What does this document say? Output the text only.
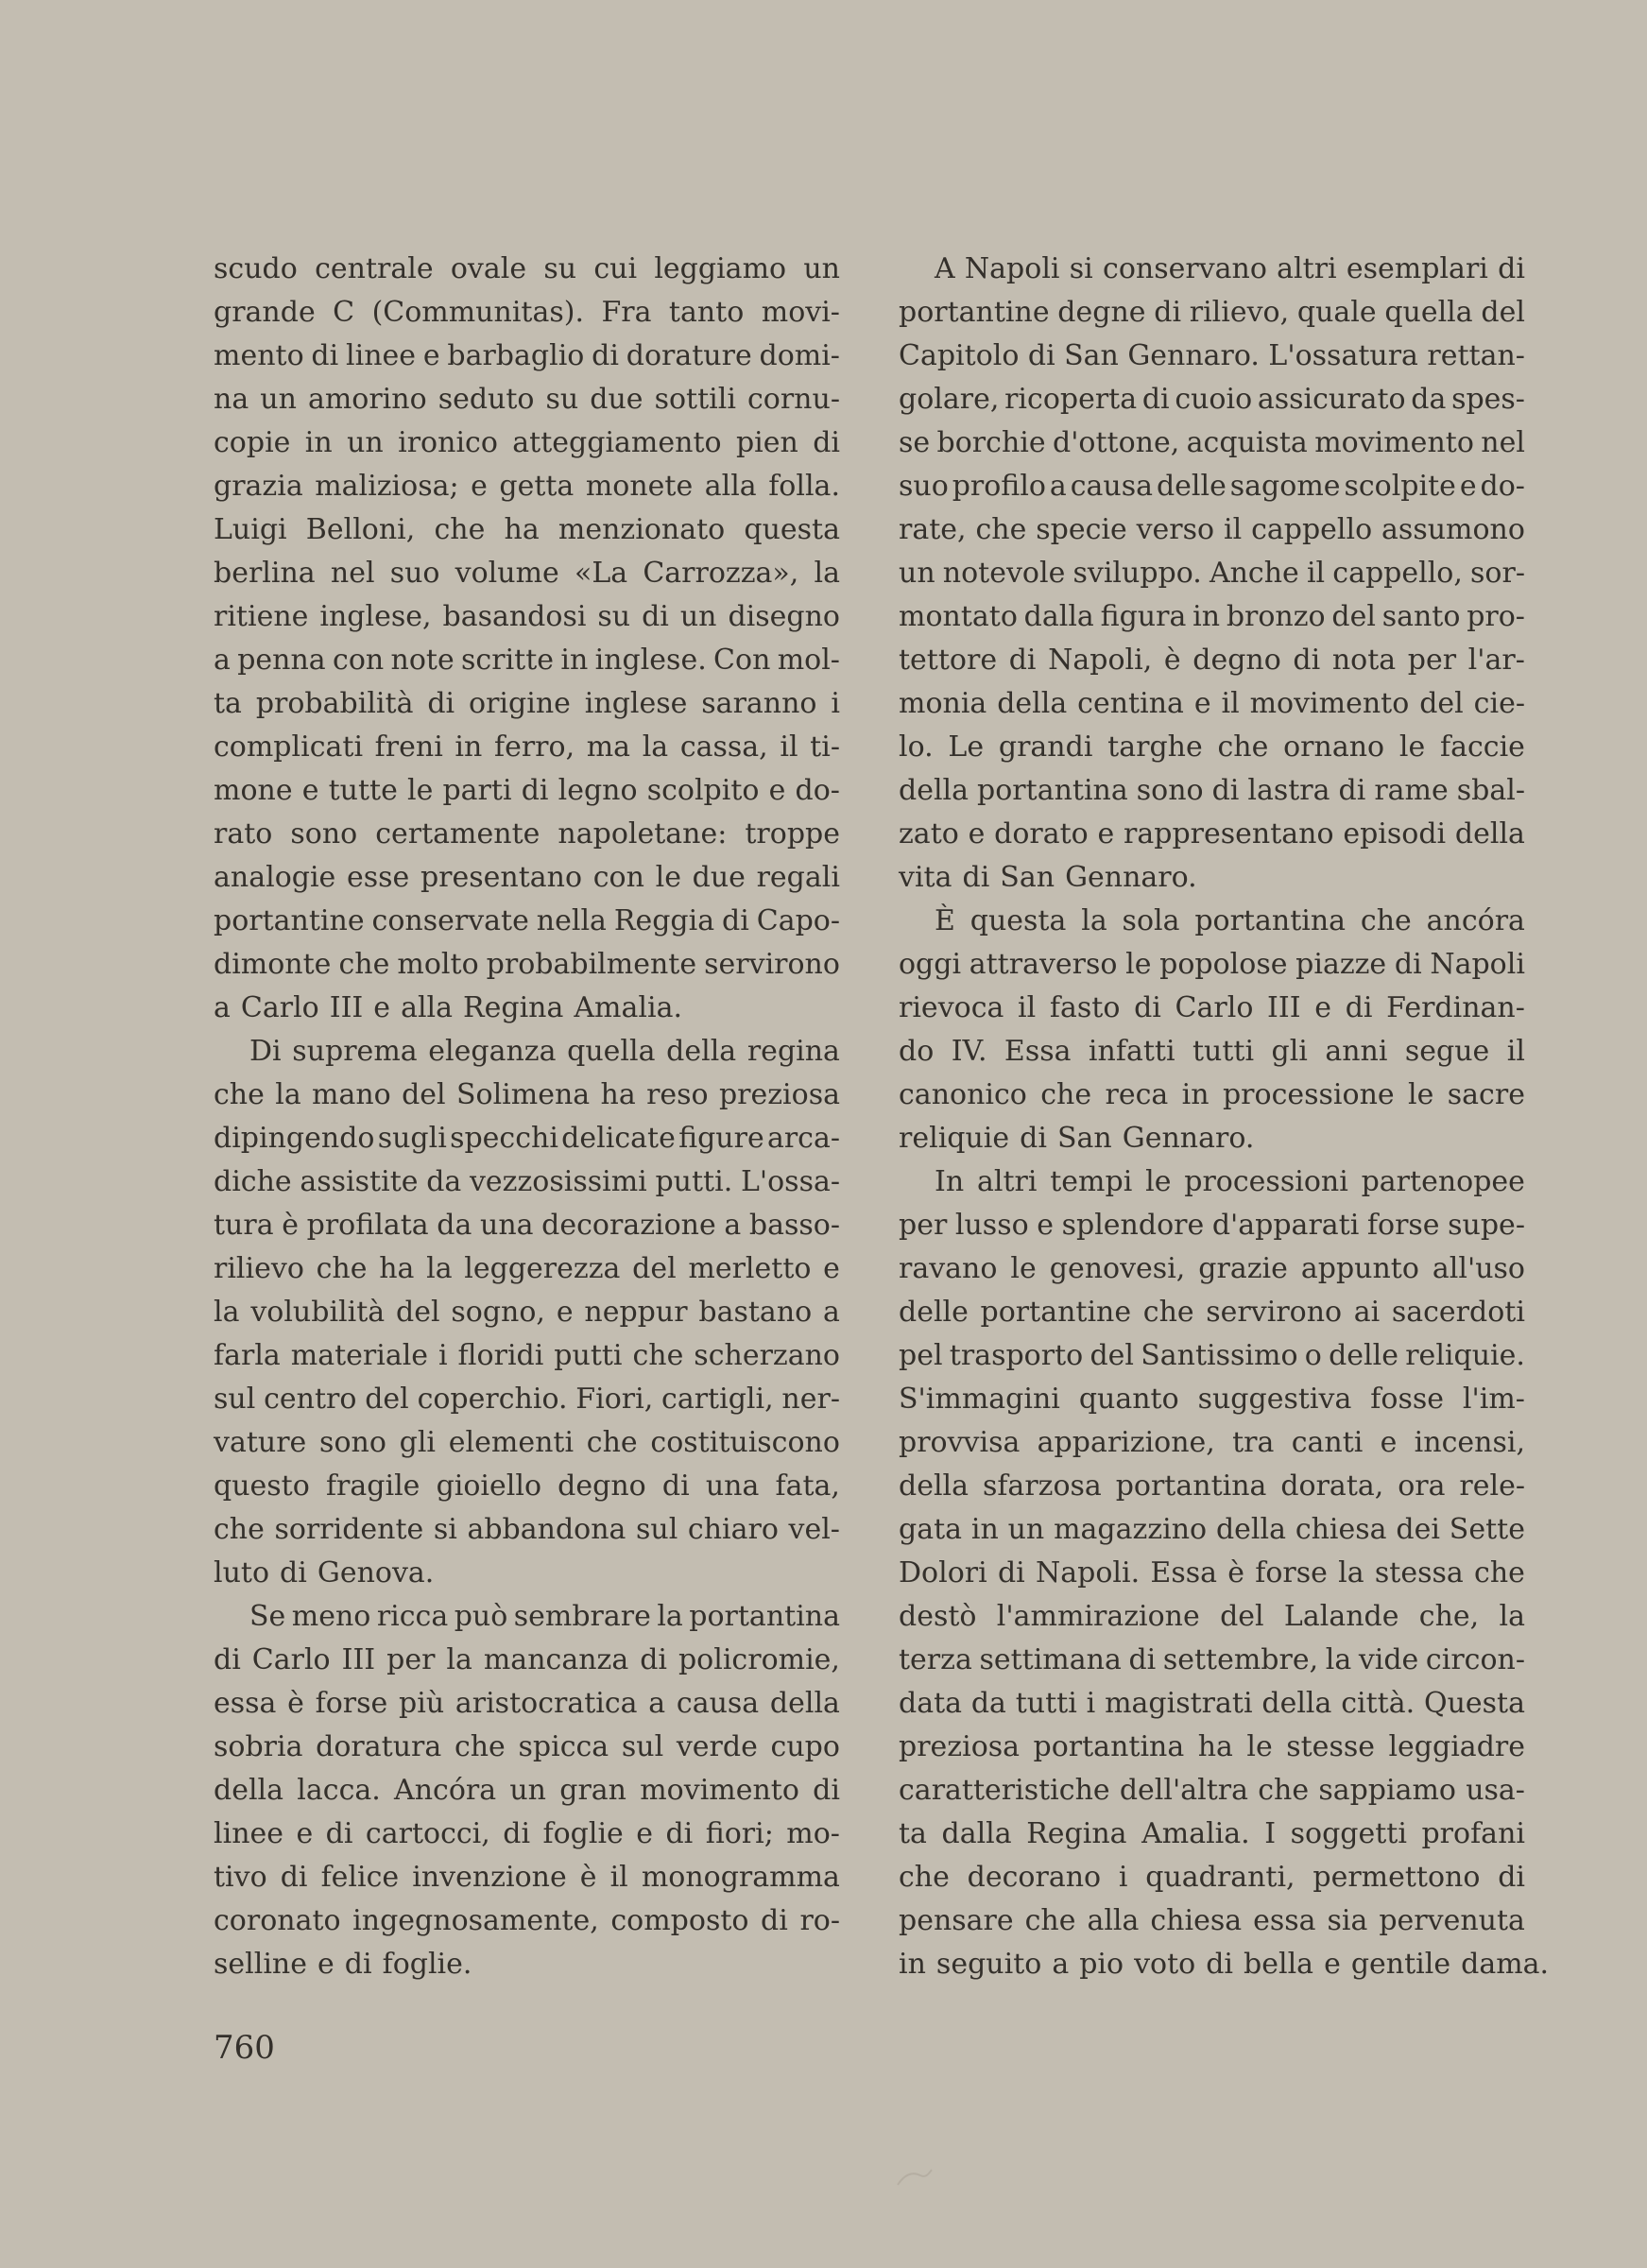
scudo centrale ovale su cui leggiamo un
grande C (Communitas). Fra tanto movi-
mento di linee e barbaglio di dorature domi-
na un amorino seduto su due sottili cornu-
copie in un ironico atteggiamento pien di
grazia maliziosa; e getta monete alla folla.
Luigi Belloni, che ha menzionato questa
berlina nel suo volume «La Carrozza», la
ritiene inglese, basandosi su di un disegno
a penna con note scritte in inglese. Con mol-
ta probabilità di origine inglese saranno i
complicati freni in ferro, ma la cassa, il ti-
mone e tutte le parti di legno scolpito e do-
rato sono certamente napoletane: troppe
analogie esse presentano con le due regali
portantine conservate nella Reggia di Capo-
dimonte che molto probabilmente servirono
a Carlo III e alla Regina Amalia.
Di suprema eleganza quella della regina
che la mano del Solimena ha reso preziosa
dipingendo sugli specchi delicate figure arca-
diche assistite da vezzosissimi putti. L'ossa-
tura è profilata da una decorazione a basso-
rilievo che ha la leggerezza del merletto e
la volubilità del sogno, e neppur bastano a
farla materiale i floridi putti che scherzano
sul centro del coperchio. Fiori, cartigli, ner-
vature sono gli elementi che costituiscono
questo fragile gioiello degno di una fata,
che sorridente si abbandona sul chiaro vel-
luto di Genova.
Se meno ricca può sembrare la portantina
di Carlo III per la mancanza di policromie,
essa è forse più aristocratica a causa della
sobria doratura che spicca sul verde cupo
della lacca. Ancóra un gran movimento di
linee e di cartocci, di foglie e di fiori; mo-
tivo di felice invenzione è il monogramma
coronato ingegnosamente, composto di ro-
selline e di foglie.
A Napoli si conservano altri esemplari di
portantine degne di rilievo, quale quella del
Capitolo di San Gennaro. L'ossatura rettan-
golare, ricoperta di cuoio assicurato da spes-
se borchie d'ottone, acquista movimento nel
suo profilo a causa delle sagome scolpite e do-
rate, che specie verso il cappello assumono
un notevole sviluppo. Anche il cappello, sor-
montato dalla figura in bronzo del santo pro-
tettore di Napoli, è degno di nota per l'ar-
monia della centina e il movimento del cie-
lo. Le grandi targhe che ornano le faccie
della portantina sono di lastra di rame sbal-
zato e dorato e rappresentano episodi della
vita di San Gennaro.
È questa la sola portantina che ancóra
oggi attraverso le popolose piazze di Napoli
rievoca il fasto di Carlo III e di Ferdinan-
do IV. Essa infatti tutti gli anni segue il
canonico che reca in processione le sacre
reliquie di San Gennaro.
In altri tempi le processioni partenopee
per lusso e splendore d'apparati forse supe-
ravano le genovesi, grazie appunto all'uso
delle portantine che servirono ai sacerdoti
pel trasporto del Santissimo o delle reliquie.
S'immagini quanto suggestiva fosse l'im-
provvisa apparizione, tra canti e incensi,
della sfarzosa portantina dorata, ora rele-
gata in un magazzino della chiesa dei Sette
Dolori di Napoli. Essa è forse la stessa che
destò l'ammirazione del Lalande che, la
terza settimana di settembre, la vide circon-
data da tutti i magistrati della città. Questa
preziosa portantina ha le stesse leggiadre
caratteristiche dell'altra che sappiamo usa-
ta dalla Regina Amalia. I soggetti profani
che decorano i quadranti, permettono di
pensare che alla chiesa essa sia pervenuta
in seguito a pio voto di bella e gentile dama.
760
